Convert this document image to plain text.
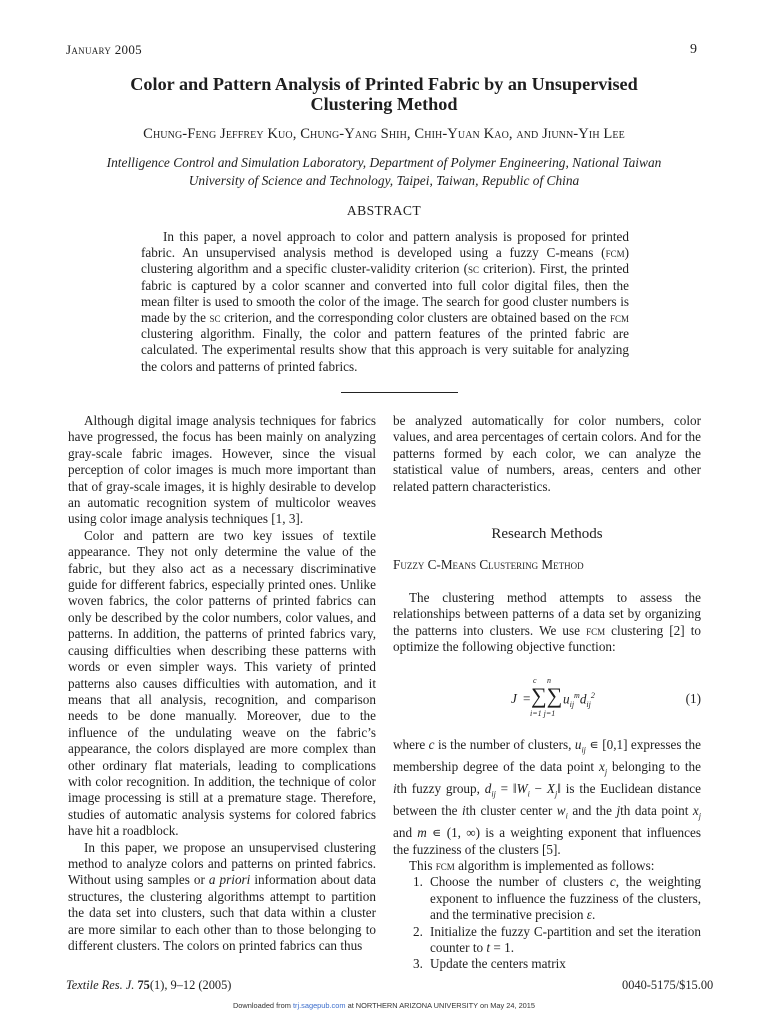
January 2005	9
Color and Pattern Analysis of Printed Fabric by an Unsupervised
Clustering Method
Chung-Feng Jeffrey Kuo, Chung-Yang Shih, Chih-Yuan Kao, and Jiunn-Yih Lee
Intelligence Control and Simulation Laboratory, Department of Polymer Engineering, National Taiwan
University of Science and Technology, Taipei, Taiwan, Republic of China
ABSTRACT

In this paper, a novel approach to color and pattern analysis is proposed for printed fabric. An unsupervised analysis method is developed using a fuzzy C-means (fcm) clustering algorithm and a specific cluster-validity criterion (sc criterion). First, the printed fabric is captured by a color scanner and converted into full color digital files, then the mean filter is used to smooth the color of the image. The search for good cluster numbers is made by the sc criterion, and the corresponding color clusters are obtained based on the fcm clustering algorithm. Finally, the color and pattern features of the printed fabric are calculated. The experimental results show that this approach is very suitable for analyzing the colors and patterns of printed fabrics.

Although digital image analysis techniques for fabrics have progressed, the focus has been mainly on analyzing gray-scale fabric images. However, since the visual perception of color images is much more important than that of gray-scale images, it is highly desirable to develop an automatic recognition system of multicolor weaves using color image analysis techniques [1, 3].

Color and pattern are two key issues of textile appearance. They not only determine the value of the fabric, but they also act as a necessary discriminative guide for different fabrics, especially printed ones. Unlike woven fabrics, the color patterns of printed fabrics can only be described by the color numbers, color values, and patterns. In addition, the patterns of printed fabrics vary, causing difficulties when describing these patterns with words or even simpler ways. This variety of printed patterns also causes difficulties with automation, and it means that all analysis, recognition, and comparison needs to be done manually. Moreover, due to the influence of the undulating weave on the fabric’s appearance, the colors displayed are more complex than other ordinary flat materials, leading to complications with color recognition. In addition, the technique of color image processing is still at a premature stage. Therefore, studies of automatic analysis systems for colored fabrics have hit a roadblock.

In this paper, we propose an unsupervised clustering method to analyze colors and patterns on printed fabrics. Without using samples or a priori information about data structures, the clustering algorithms attempt to partition the data set into clusters, such that data within a cluster are more similar to each other than to those belonging to different clusters. The colors on printed fabrics can thus

be analyzed automatically for color numbers, color values, and area percentages of certain colors. And for the patterns formed by each color, we can analyze the statistical value of numbers, areas, centers and other related pattern characteristics.

Research Methods
Fuzzy C-Means Clustering Method

The clustering method attempts to assess the relationships between patterns of a data set by organizing the patterns into clusters. We use fcm clustering [2] to optimize the following objective function:

c n
J = ∑∑ $u_{ij}^md_{ij}^2$
i=1 j=1
(1)

where c is the number of clusters, $u_{ij}$ ∊ [0,1] expresses the membership degree of the data point $x_j$ belonging to the ith fuzzy group, $d_{ij}$ = $‖W_i$ − $X_j‖$ is the Euclidean distance between the ith cluster center $w_i$ and the jth data point $x_j$ and m ∊ (1, ∞) is a weighting exponent that influences the fuzziness of the clusters [5].

This fcm algorithm is implemented as follows:

1. Choose the number of clusters c, the weighting exponent to influence the fuzziness of the clusters, and the terminative precision ε.
2. Initialize the fuzzy C-partition and set the iteration counter to t = 1.
3. Update the centers matrix
Textile Res. J. 75(1), 9–12 (2005)	0040-5175/$15.00
Downloaded from trj.sagepub.com at NORTHERN ARIZONA UNIVERSITY on May 24, 2015
